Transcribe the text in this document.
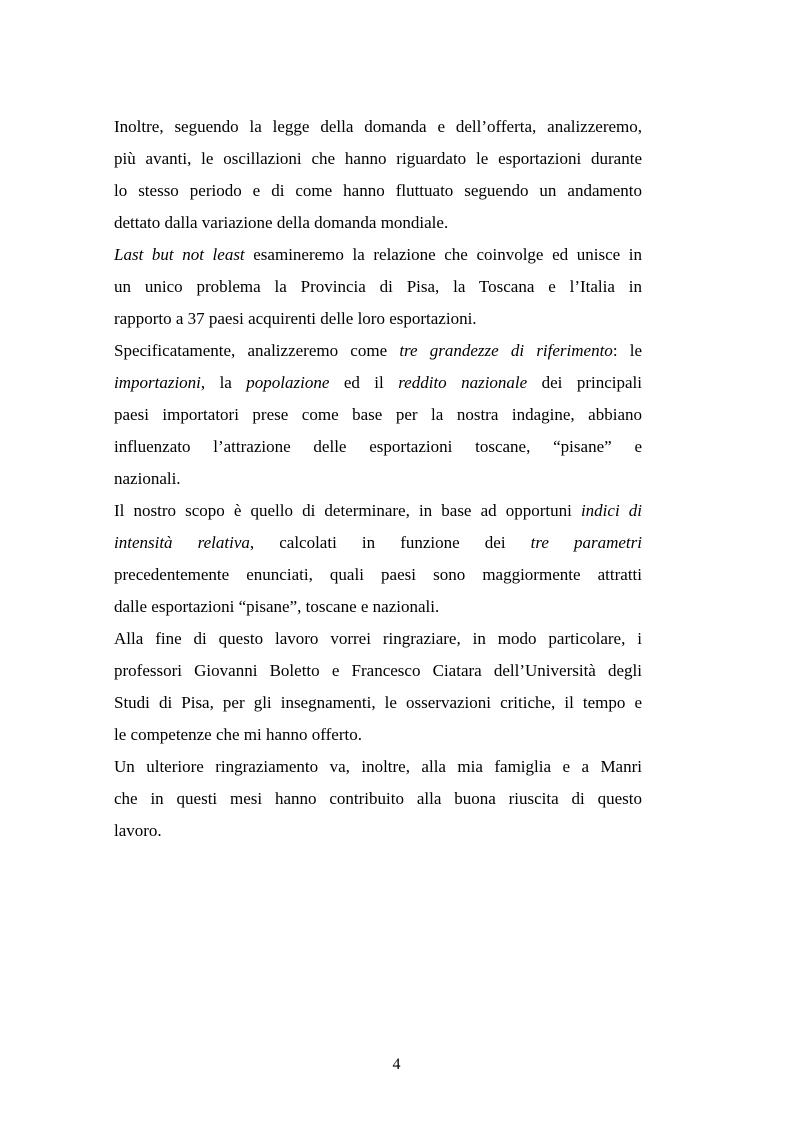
Inoltre, seguendo la legge della domanda e dell’offerta, analizzeremo,
più avanti, le oscillazioni che hanno riguardato le esportazioni durante
lo stesso periodo e di come hanno fluttuato seguendo un andamento
dettato dalla variazione della domanda mondiale.
Last but not least esamineremo la relazione che coinvolge ed unisce in
un unico problema la Provincia di Pisa, la Toscana e l’Italia in
rapporto a 37 paesi acquirenti delle loro esportazioni.
Specificatamente, analizzeremo come tre grandezze di riferimento: le
importazioni, la popolazione ed il reddito nazionale dei principali
paesi importatori prese come base per la nostra indagine, abbiano
influenzato l’attrazione delle esportazioni toscane, “pisane” e
nazionali.
Il nostro scopo è quello di determinare, in base ad opportuni indici di
intensità relativa, calcolati in funzione dei tre parametri
precedentemente enunciati, quali paesi sono maggiormente attratti
dalle esportazioni “pisane”, toscane e nazionali.
Alla fine di questo lavoro vorrei ringraziare, in modo particolare, i
professori Giovanni Boletto e Francesco Ciatara dell’Università degli
Studi di Pisa, per gli insegnamenti, le osservazioni critiche, il tempo e
le competenze che mi hanno offerto.
Un ulteriore ringraziamento va, inoltre, alla mia famiglia e a Manri
che in questi mesi hanno contribuito alla buona riuscita di questo
lavoro.
4
